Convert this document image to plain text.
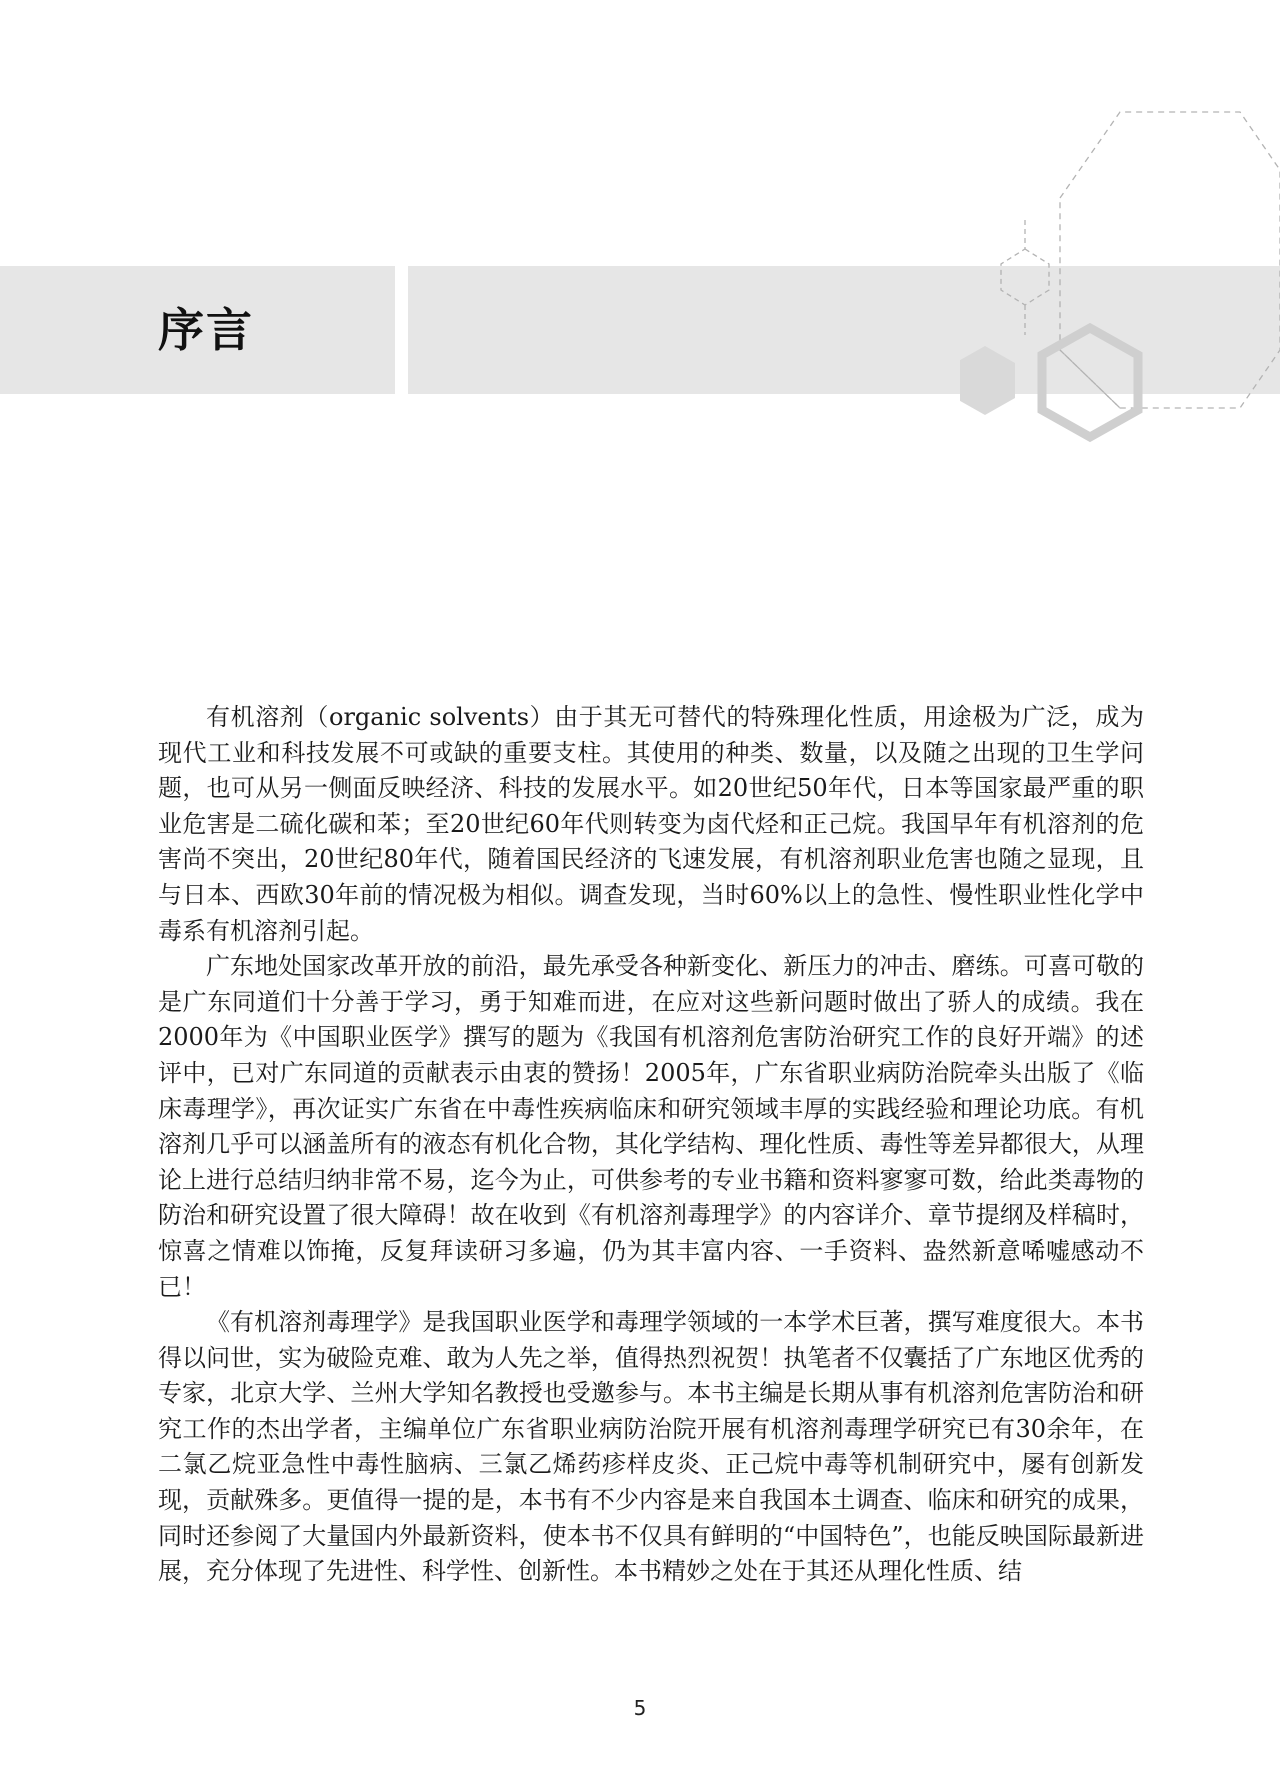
序言

有机溶剂（organic solvents）由于其无可替代的特殊理化性质，用途极为广泛，成为现代工业和科技发展不可或缺的重要支柱。其使用的种类、数量，以及随之出现的卫生学问题，也可从另一侧面反映经济、科技的发展水平。如20世纪50年代，日本等国家最严重的职业危害是二硫化碳和苯；至20世纪60年代则转变为卤代烃和正己烷。我国早年有机溶剂的危害尚不突出，20世纪80年代，随着国民经济的飞速发展，有机溶剂职业危害也随之显现，且与日本、西欧30年前的情况极为相似。调查发现，当时60%以上的急性、慢性职业性化学中毒系有机溶剂引起。

广东地处国家改革开放的前沿，最先承受各种新变化、新压力的冲击、磨练。可喜可敬的是广东同道们十分善于学习，勇于知难而进，在应对这些新问题时做出了骄人的成绩。我在2000年为《中国职业医学》撰写的题为《我国有机溶剂危害防治研究工作的良好开端》的述评中，已对广东同道的贡献表示由衷的赞扬！2005年，广东省职业病防治院牵头出版了《临床毒理学》，再次证实广东省在中毒性疾病临床和研究领域丰厚的实践经验和理论功底。有机溶剂几乎可以涵盖所有的液态有机化合物，其化学结构、理化性质、毒性等差异都很大，从理论上进行总结归纳非常不易，迄今为止，可供参考的专业书籍和资料寥寥可数，给此类毒物的防治和研究设置了很大障碍！故在收到《有机溶剂毒理学》的内容详介、章节提纲及样稿时，惊喜之情难以饰掩，反复拜读研习多遍，仍为其丰富内容、一手资料、盎然新意唏嘘感动不已！

《有机溶剂毒理学》是我国职业医学和毒理学领域的一本学术巨著，撰写难度很大。本书得以问世，实为破险克难、敢为人先之举，值得热烈祝贺！执笔者不仅囊括了广东地区优秀的专家，北京大学、兰州大学知名教授也受邀参与。本书主编是长期从事有机溶剂危害防治和研究工作的杰出学者，主编单位广东省职业病防治院开展有机溶剂毒理学研究已有30余年，在二氯乙烷亚急性中毒性脑病、三氯乙烯药疹样皮炎、正己烷中毒等机制研究中，屡有创新发现，贡献殊多。更值得一提的是，本书有不少内容是来自我国本土调查、临床和研究的成果，同时还参阅了大量国内外最新资料，使本书不仅具有鲜明的“中国特色”，也能反映国际最新进展，充分体现了先进性、科学性、创新性。本书精妙之处在于其还从理化性质、结

5
